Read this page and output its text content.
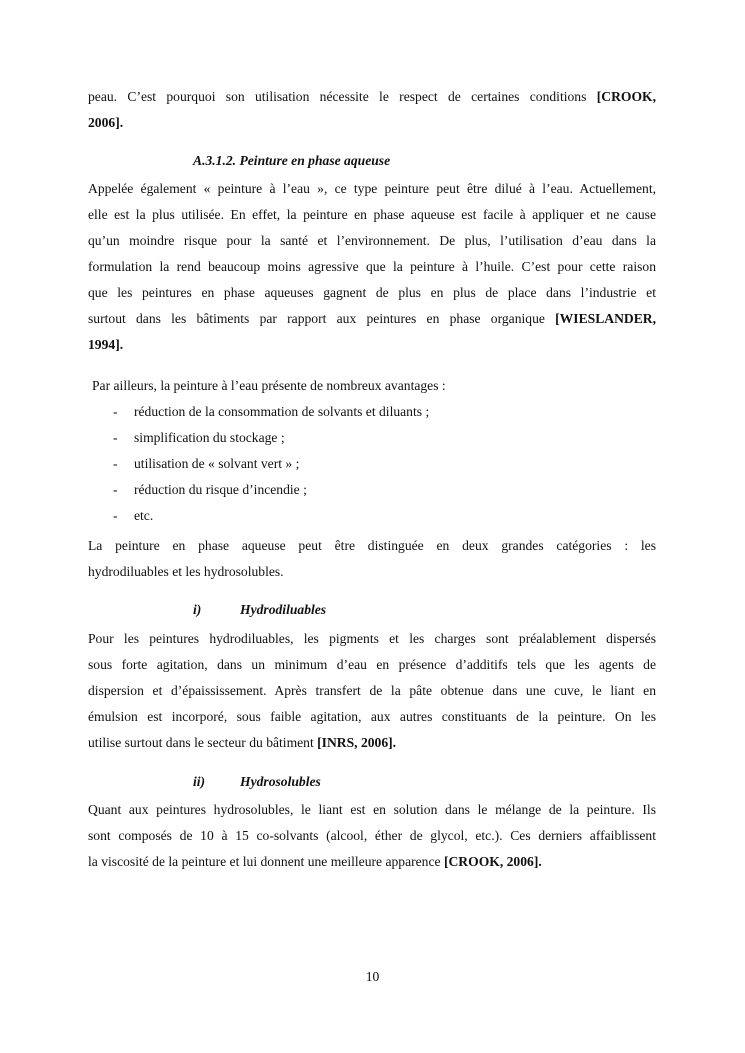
peau. C’est pourquoi son utilisation nécessite le respect de certaines conditions [CROOK,
2006].
A.3.1.2. Peinture en phase aqueuse
Appelée également « peinture à l’eau », ce type peinture peut être dilué à l’eau. Actuellement,
elle est la plus utilisée. En effet, la peinture en phase aqueuse est facile à appliquer et ne cause
qu’un moindre risque pour la santé et l’environnement. De plus, l’utilisation d’eau dans la
formulation la rend beaucoup moins agressive que la peinture à l’huile. C’est pour cette raison
que les peintures en phase aqueuses gagnent de plus en plus de place dans l’industrie et
surtout dans les bâtiments par rapport aux peintures en phase organique [WIESLANDER,
1994].
Par ailleurs, la peinture à l’eau présente de nombreux avantages :
- réduction de la consommation de solvants et diluants ;
- simplification du stockage ;
- utilisation de « solvant vert » ;
- réduction du risque d’incendie ;
- etc.
La peinture en phase aqueuse peut être distinguée en deux grandes catégories : les
hydrodiluables et les hydrosolubles.
i)	Hydrodiluables
Pour les peintures hydrodiluables, les pigments et les charges sont préalablement dispersés
sous forte agitation, dans un minimum d’eau en présence d’additifs tels que les agents de
dispersion et d’épaississement. Après transfert de la pâte obtenue dans une cuve, le liant en
émulsion est incorporé, sous faible agitation, aux autres constituants de la peinture. On les
utilise surtout dans le secteur du bâtiment [INRS, 2006].
ii)	Hydrosolubles
Quant aux peintures hydrosolubles, le liant est en solution dans le mélange de la peinture. Ils
sont composés de 10 à 15 co-solvants (alcool, éther de glycol, etc.). Ces derniers affaiblissent
la viscosité de la peinture et lui donnent une meilleure apparence [CROOK, 2006].
10
